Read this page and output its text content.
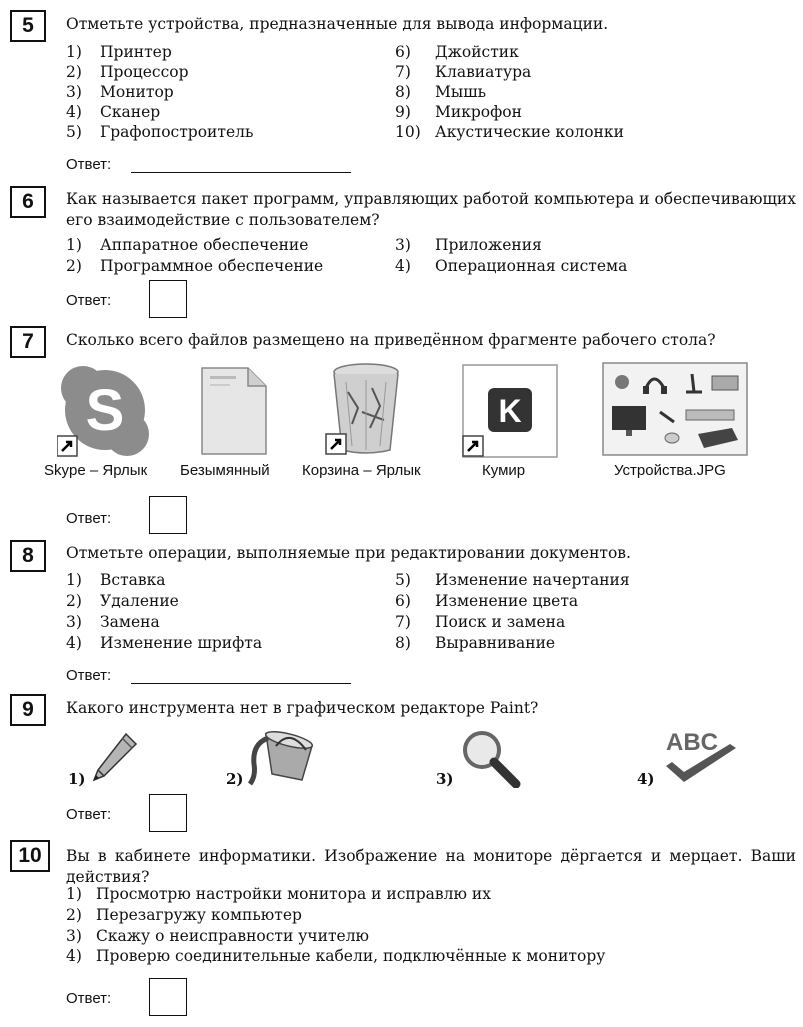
5	Отметьте устройства, предназначенные для вывода информации.
1) Принтер
2) Процессор
3) Монитор
4) Сканер
5) Графопостроитель
6) Джойстик
7) Клавиатура
8) Мышь
9) Микрофон
10) Акустические колонки
Ответ:
6	Как называется пакет программ, управляющих работой компьютера и обеспечивающих его взаимодействие с пользователем?
1) Аппаратное обеспечение
2) Программное обеспечение
3) Приложения
4) Операционная система
Ответ:
7	Сколько всего файлов размещено на приведённом фрагменте рабочего стола?
S
Skype – Ярлык Безымянный Корзина – Ярлык
K
Кумир	Устройства.JPG
Ответ:
8	Отметьте операции, выполняемые при редактировании документов.
1) Вставка
2) Удаление
3) Замена
4) Изменение шрифта
5) Изменение начертания
6) Изменение цвета
7) Поиск и замена
8) Выравнивание
Ответ:
9	Какого инструмента нет в графическом редакторе Paint?
1)	2)	3)	4)
ABC
Ответ:
10	Вы в кабинете информатики. Изображение на мониторе дёргается и мерцает. Ваши действия?
1) Просмотрю настройки монитора и исправлю их
2) Перезагружу компьютер
3) Скажу о неисправности учителю
4) Проверю соединительные кабели, подключённые к монитору
Ответ:
